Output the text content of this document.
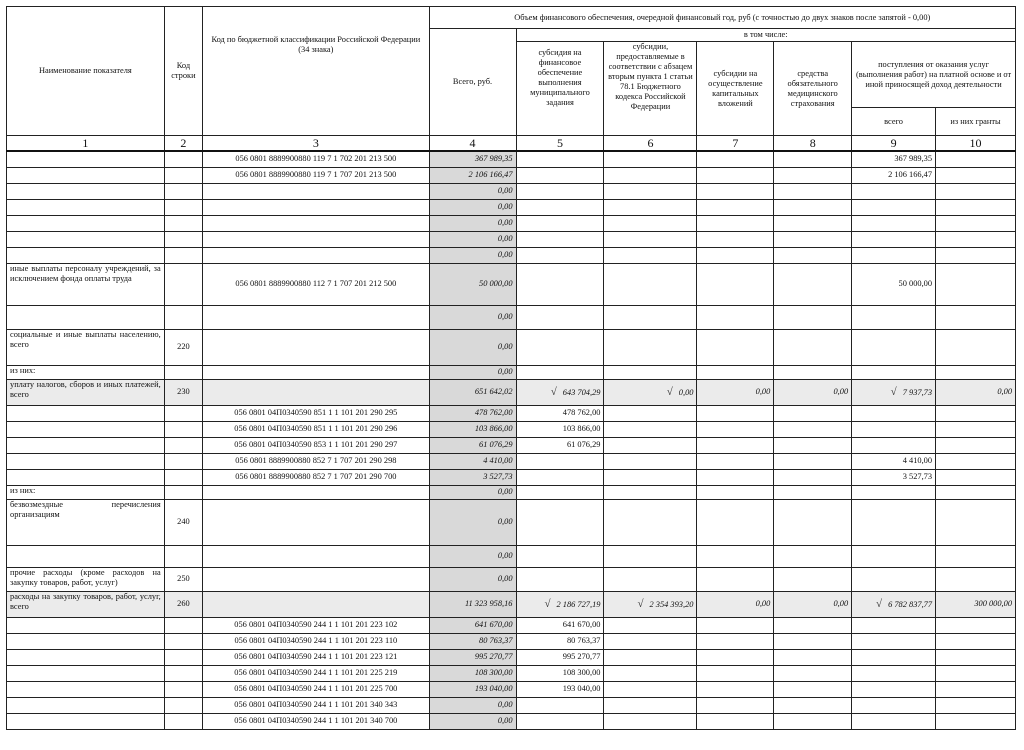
Наименование показателя	Код строки	Код по бюджетной классификации Российской Федерации (34 знака)	Объем финансового обеспечения, очередной финансовый год, руб (с точностью до двух знаков после запятой - 0,00)						
			Всего, руб.	в том числе:					
				субсидия на финансовое обеспечение выполнения муниципального задания	субсидии, предоставляемые в соответствии с абзацем вторым пункта 1 статьи 78.1 Бюджетного кодекса Российской Федерации	субсидии на осуществление капитальных вложений	средства обязательного медицинского страхования	поступления от оказания услуг (выполнения работ) на платной основе и от иной приносящей доход деятельности	
								всего	из них гранты
1	2	3	4	5	6	7	8	9	10
		056 0801 8889900880 119 7 1 702 201 213 500	367 989,35					367 989,35	
		056 0801 8889900880 119 7 1 707 201 213 500	2 106 166,47					2 106 166,47	
			0,00						
			0,00						
			0,00						
			0,00						
			0,00						
иные выплаты персоналу учреждений, за исключением фонда оплаты труда		056 0801 8889900880 112 7 1 707 201 212 500	50 000,00					50 000,00	
			0,00						
социальные и иные выплаты населению, всего	220		0,00						
из них:			0,00						
уплату налогов, сборов и иных платежей, всего	230		651 642,02	√ 643 704,29	√ 0,00	0,00	0,00	√ 7 937,73	0,00
		056 0801 04П0340590 851 1 1 101 201 290 295	478 762,00	478 762,00					
		056 0801 04П0340590 851 1 1 101 201 290 296	103 866,00	103 866,00					
		056 0801 04П0340590 853 1 1 101 201 290 297	61 076,29	61 076,29					
		056 0801 8889900880 852 7 1 707 201 290 298	4 410,00					4 410,00	
		056 0801 8889900880 852 7 1 707 201 290 700	3 527,73					3 527,73	
из них:			0,00						
безвозмездные перечисления организациям	240		0,00						
			0,00						
прочие расходы (кроме расходов на закупку товаров, работ, услуг)	250		0,00						
расходы на закупку товаров, работ, услуг, всего	260		11 323 958,16	√ 2 186 727,19	√ 2 354 393,20	0,00	0,00	√ 6 782 837,77	300 000,00
		056 0801 04П0340590 244 1 1 101 201 223 102	641 670,00	641 670,00					
		056 0801 04П0340590 244 1 1 101 201 223 110	80 763,37	80 763,37					
		056 0801 04П0340590 244 1 1 101 201 223 121	995 270,77	995 270,77					
		056 0801 04П0340590 244 1 1 101 201 225 219	108 300,00	108 300,00					
		056 0801 04П0340590 244 1 1 101 201 225 700	193 040,00	193 040,00					
		056 0801 04П0340590 244 1 1 101 201 340 343	0,00						
		056 0801 04П0340590 244 1 1 101 201 340 700	0,00						
